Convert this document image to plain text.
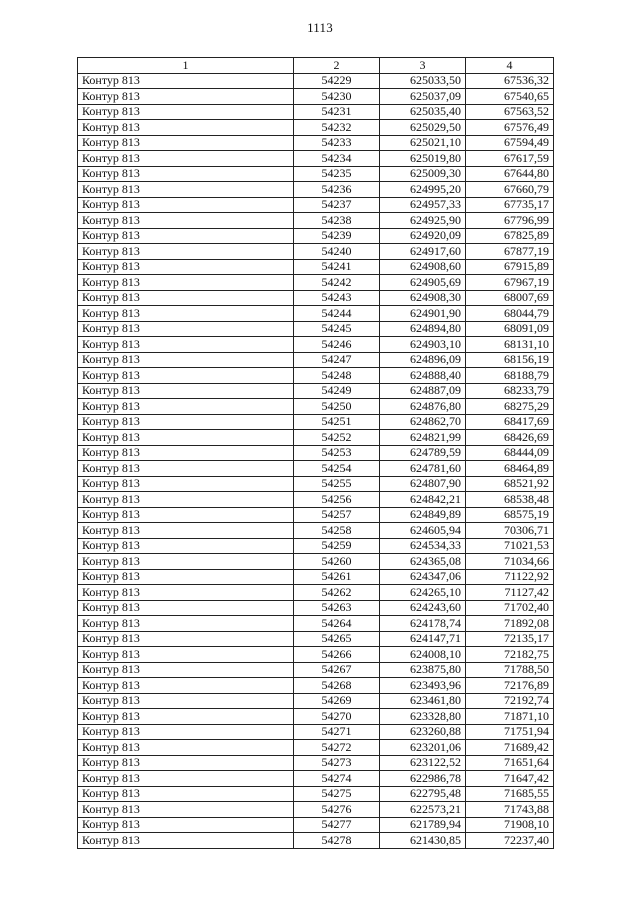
1113
1	2	3	4
Контур 813	54229	625033,50	67536,32
Контур 813	54230	625037,09	67540,65
Контур 813	54231	625035,40	67563,52
Контур 813	54232	625029,50	67576,49
Контур 813	54233	625021,10	67594,49
Контур 813	54234	625019,80	67617,59
Контур 813	54235	625009,30	67644,80
Контур 813	54236	624995,20	67660,79
Контур 813	54237	624957,33	67735,17
Контур 813	54238	624925,90	67796,99
Контур 813	54239	624920,09	67825,89
Контур 813	54240	624917,60	67877,19
Контур 813	54241	624908,60	67915,89
Контур 813	54242	624905,69	67967,19
Контур 813	54243	624908,30	68007,69
Контур 813	54244	624901,90	68044,79
Контур 813	54245	624894,80	68091,09
Контур 813	54246	624903,10	68131,10
Контур 813	54247	624896,09	68156,19
Контур 813	54248	624888,40	68188,79
Контур 813	54249	624887,09	68233,79
Контур 813	54250	624876,80	68275,29
Контур 813	54251	624862,70	68417,69
Контур 813	54252	624821,99	68426,69
Контур 813	54253	624789,59	68444,09
Контур 813	54254	624781,60	68464,89
Контур 813	54255	624807,90	68521,92
Контур 813	54256	624842,21	68538,48
Контур 813	54257	624849,89	68575,19
Контур 813	54258	624605,94	70306,71
Контур 813	54259	624534,33	71021,53
Контур 813	54260	624365,08	71034,66
Контур 813	54261	624347,06	71122,92
Контур 813	54262	624265,10	71127,42
Контур 813	54263	624243,60	71702,40
Контур 813	54264	624178,74	71892,08
Контур 813	54265	624147,71	72135,17
Контур 813	54266	624008,10	72182,75
Контур 813	54267	623875,80	71788,50
Контур 813	54268	623493,96	72176,89
Контур 813	54269	623461,80	72192,74
Контур 813	54270	623328,80	71871,10
Контур 813	54271	623260,88	71751,94
Контур 813	54272	623201,06	71689,42
Контур 813	54273	623122,52	71651,64
Контур 813	54274	622986,78	71647,42
Контур 813	54275	622795,48	71685,55
Контур 813	54276	622573,21	71743,88
Контур 813	54277	621789,94	71908,10
Контур 813	54278	621430,85	72237,40
